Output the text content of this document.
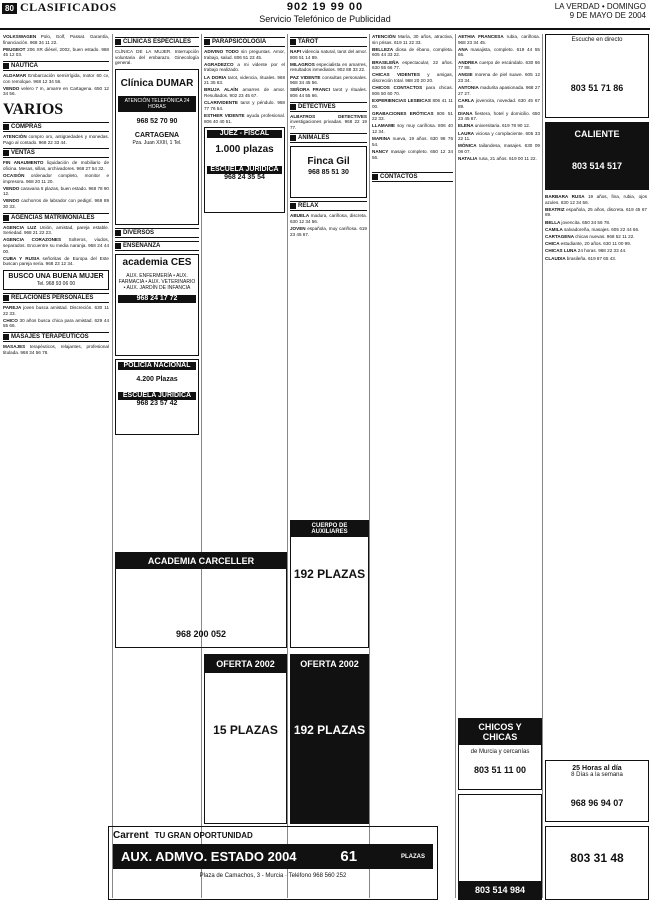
80 CLASIFICADOS	902 19 99 00
Servicio Telefónico de Publicidad
LA VERDAD • DOMINGO
9 DE MAYO DE 2004

VOLKSWAGEN Polo, Golf, Passat. Garantía, financiación. 968 34 11 22.

PEUGEOT 206 XR diésel, 2002, buen estado. 968 45 12 03.

NÁUTICA

ALDAMAR Embarcación semirrígida, motor 60 cv, con remolque. 968 12 34 56.

VENDO velero 7 m, amarre en Cartagena. 650 12 34 56.

VARIOS
COMPRAS

ATENCIÓN compro oro, antigüedades y monedas. Pago al contado. 968 22 33 44.

VENTAS

FIN ANAUMENTO liquidación de mobiliario de oficina. Mesas, sillas, archivadores. 968 27 54 32.

OCASIÓN ordenador completo, monitor e impresora. 968 20 11 20.

VENDO caravana 5 plazas, buen estado. 968 78 90 12.

VENDO cachorros de labrador con pedigrí. 968 89 30 33.

AGENCIAS MATRIMONIALES

AGENCIA LUZ Unión, amistad, pareja estable. Seriedad. 968 21 22 23.

AGENCIA CORAZONES Solteros, viudos, separados. Encuentre su media naranja. 968 24 44 00.

CUBA Y RUSIA señoritas de Europa del Este buscan pareja seria. 968 23 12 34.

BUSCO UNA BUENA MUJER
Tel. 968 93 06 00
RELACIONES PERSONALES

PAREJA joven busca amistad. Discreción. 630 11 22 33.

CHICO 30 años busca chica para amistad. 629 44 55 66.

MASAJES TERAPÉUTICOS

MASAJES terapéuticos, relajantes, profesional titulada. 968 34 56 78.

CLÍNICAS ESPECIALES

CLÍNICA DE LA MUJER. Interrupción voluntaria del embarazo. Ginecología general.

Clínica DUMAR
ATENCIÓN TELEFÓNICA 24 HORAS
968 52 70 90
CARTAGENA
Pza. Juan XXIII, 1 Tel.
DIVERSOS
ENSEÑANZA
academia CES
AUX. ENFERMERÍA • AUX. FARMACIA • AUX. VETERINARIO • AUX. JARDÍN DE INFANCIA
968 24 17 72
POLICÍA NACIONAL
4.200 Plazas
ESCUELA JURÍDICA
968 23 57 42
PARAPSICOLOGÍA

ADIVINO TODO sin preguntas. Amor, trabajo, salud. 806 51 23 45.

AGRADEZCO a mi vidente por el trabajo realizado.

LA DORIA tarot, videncia, rituales. 968 21 35 63.

BRUJA ALAÍN amarres de amor. Resultados. 902 23 45 67.

CLARIVIDENTE tarot y péndulo. 968 77 76 54.

ESTHER VIDENTE ayuda profesional. 806 40 40 51.

JUEZ - FISCAL
1.000 plazas
ESCUELA JURÍDICA
968 24 35 54
TAROT

NAPI videncia natural, tarot del amor. 806 51 14 89.

MILAGROS especialista en amarres, resultados inmediatos. 902 88 33 22.

PAZ VIDENTE consultas personales. 968 34 45 56.

SEÑORA FRANCI tarot y rituales. 806 44 55 66.

DETECTIVES

ALBATROS DETECTIVES investigaciones privadas. 968 22 19 77.

ANIMALES
Finca Gil
968 85 51 30
RELAX

ABUELA madura, cariñosa, discreta. 630 12 34 56.

JOVEN española, muy cariñosa. 619 23 45 67.

ACADEMIA CARCELLER
968 200 052
CUERPO DE AUXILIARES
192 PLAZAS
OFERTA 2002
15 PLAZAS
OFERTA 2002
192 PLAZAS

ATENCIÓN María, 30 años, atractiva, sin prisas. 619 11 22 33.

BELLEZA diosa de ébano, completa. 605 44 33 22.

BRASILEÑA espectacular, 22 años. 630 55 66 77.

CHICAS VIDENTES y amigas, discreción total. 968 20 20 20.

CHICOS CONTACTOS para chicas. 806 50 60 70.

EXPERIENCIAS LESBICAS 806 41 11 00.

GRABACIONES ERÓTICAS 806 51 22 33.

LLAMAME soy muy cariñosa. 806 40 12 34.

MARINA nueva, 19 años. 630 98 76 54.

NANCY masaje completo. 650 12 34 56.

CONTACTOS

AETHIA FRANCESA rubia, cariñosa. 968 23 34 45.

ANA masajista, completo. 619 44 55 66.

ANDREA cuerpo de escándalo. 630 66 77 88.

ANGIE morena de piel suave. 605 12 23 34.

ANTONIA madurita apasionada. 968 27 27 27.

CARLA jovencita, novedad. 630 45 67 89.

DIANA fiestera, hotel y domicilio. 650 23 45 67.

ELENA universitaria. 619 78 90 12.

LAURA viciosa y complaciente. 605 33 22 11.

MÓNICA tailandesa, masajes. 630 09 08 07.

NATALIA rusa, 21 años. 619 00 11 22.

CHICOS Y CHICAS
de Murcia y cercanías
803 51 11 00
803 514 984
Escuche en directo
803 51 71 86
CALIENTE
803 514 517

BARBARA RUSA 19 años, fina, rubia, ojos azules. 630 12 34 56.

BEATRIZ española, 25 años, discreta. 619 45 67 89.

BELLA jovencita. 650 34 56 78.

CAMILA salvadoreña, masajes. 605 22 44 66.

CARTAGENA chicas nuevas. 968 52 11 22.

CHICA estudiante, 20 años. 630 11 00 99.

CHICAS LUNA 24 horas. 968 22 33 44.

CLAUDIA brasileña. 619 87 65 43.

25 Horas al día
8 Días a la semana
968 96 94 07
803 31 48
Carrent TU GRAN OPORTUNIDAD
AUX. ADMVO. ESTADO 2004	61	PLAZAS
Plaza de Camachos, 3 - Murcia · Teléfono 968 560 252
